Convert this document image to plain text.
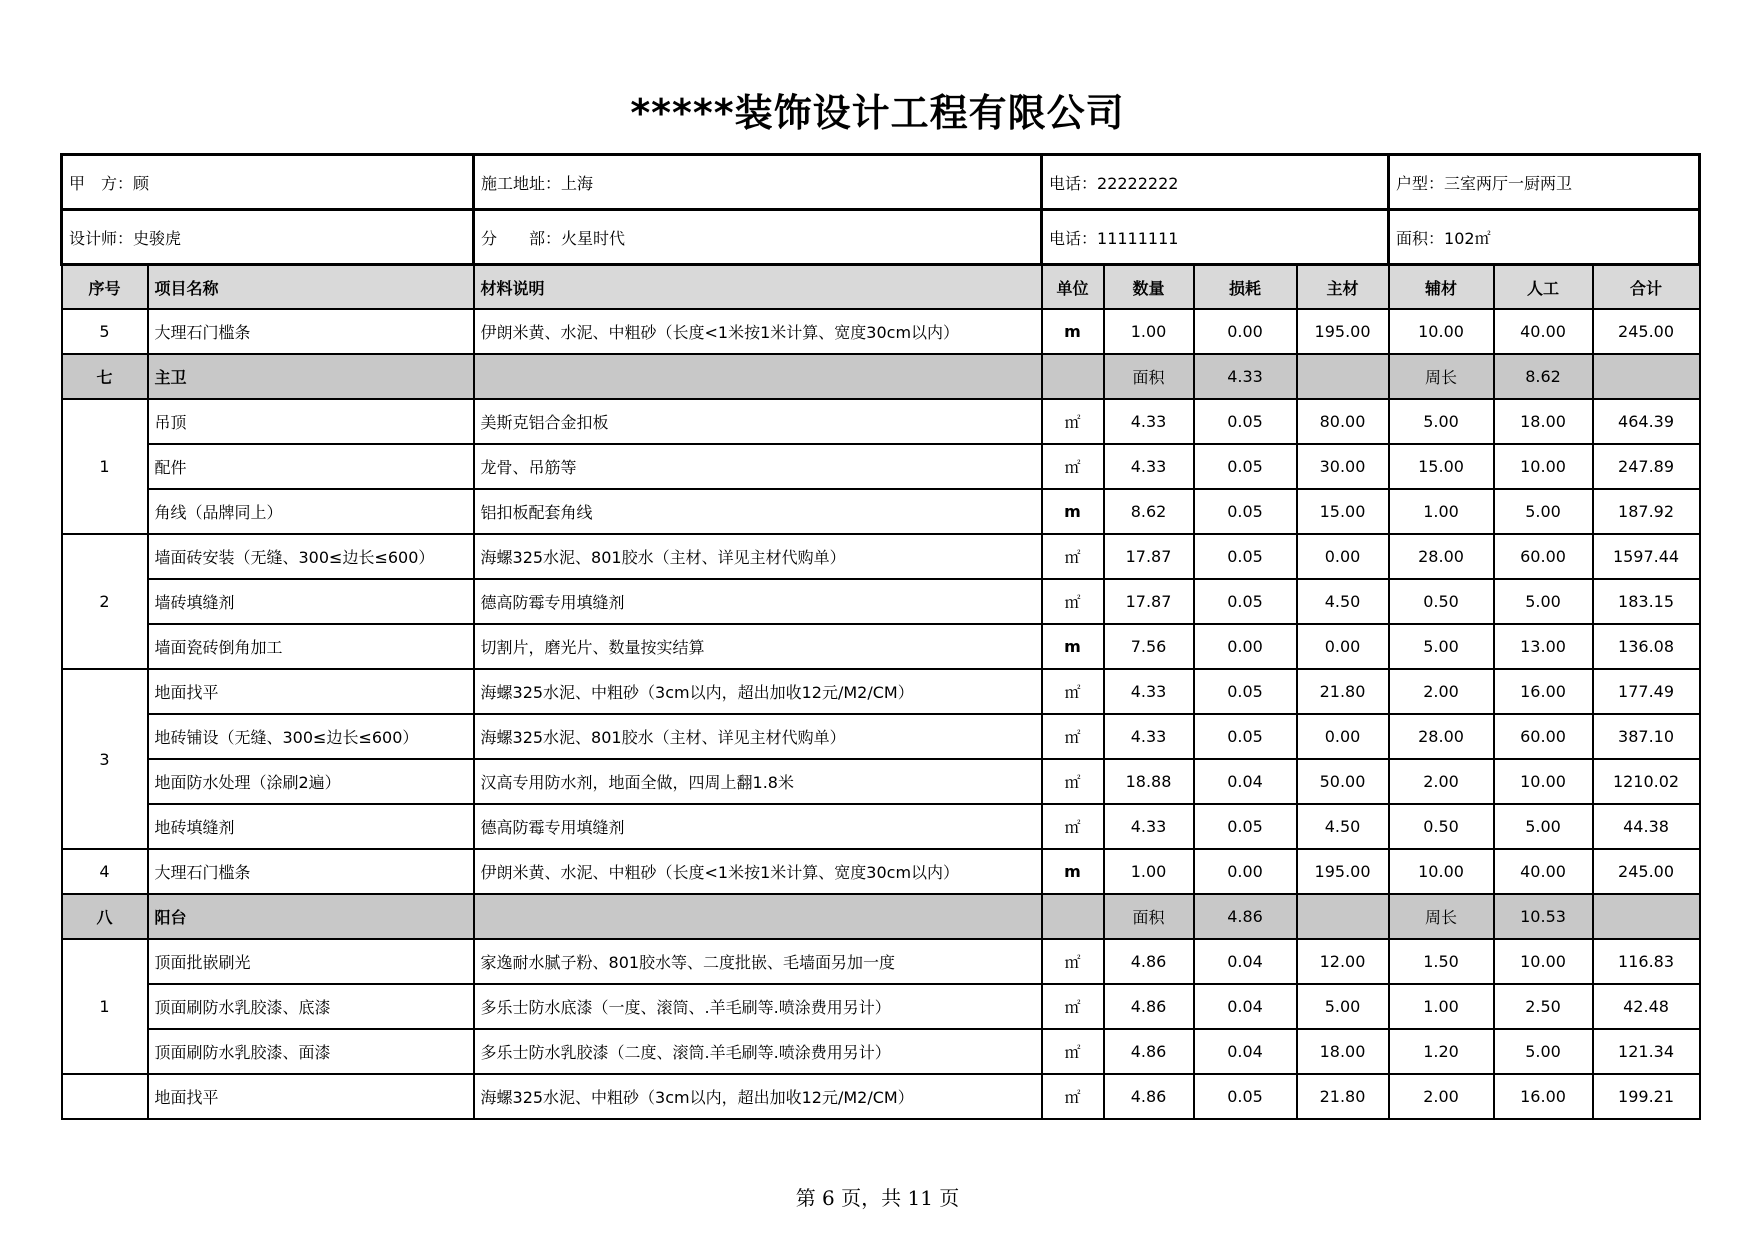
*****装饰设计工程有限公司
甲　方：顾		施工地址：上海	电话：22222222				户型：三室两厅一厨两卫		
设计师：史骏虎		分　　部：火星时代	电话：11111111				面积：102㎡		
序号	项目名称	材料说明	单位	数量	损耗	主材	辅材	人工	合计
5	大理石门槛条	伊朗米黄、水泥、中粗砂（长度<1米按1米计算、宽度30cm以内）	m	1.00	0.00	195.00	10.00	40.00	245.00
七	主卫			面积	4.33		周长	8.62	
1	吊顶	美斯克铝合金扣板	㎡	4.33	0.05	80.00	5.00	18.00	464.39
	配件	龙骨、吊筋等	㎡	4.33	0.05	30.00	15.00	10.00	247.89
	角线（品牌同上）	铝扣板配套角线	m	8.62	0.05	15.00	1.00	5.00	187.92
2	墙面砖安装（无缝、300≤边长≤600）	海螺325水泥、801胶水（主材、详见主材代购单）	㎡	17.87	0.05	0.00	28.00	60.00	1597.44
	墙砖填缝剂	德高防霉专用填缝剂	㎡	17.87	0.05	4.50	0.50	5.00	183.15
	墙面瓷砖倒角加工	切割片，磨光片、数量按实结算	m	7.56	0.00	0.00	5.00	13.00	136.08
3	地面找平	海螺325水泥、中粗砂（3cm以内，超出加收12元/M2/CM）	㎡	4.33	0.05	21.80	2.00	16.00	177.49
	地砖铺设（无缝、300≤边长≤600）	海螺325水泥、801胶水（主材、详见主材代购单）	㎡	4.33	0.05	0.00	28.00	60.00	387.10
	地面防水处理（涂刷2遍）	汉高专用防水剂，地面全做，四周上翻1.8米	㎡	18.88	0.04	50.00	2.00	10.00	1210.02
	地砖填缝剂	德高防霉专用填缝剂	㎡	4.33	0.05	4.50	0.50	5.00	44.38
4	大理石门槛条	伊朗米黄、水泥、中粗砂（长度<1米按1米计算、宽度30cm以内）	m	1.00	0.00	195.00	10.00	40.00	245.00
八	阳台			面积	4.86		周长	10.53	
1	顶面批嵌刷光	家逸耐水腻子粉、801胶水等、二度批嵌、毛墙面另加一度	㎡	4.86	0.04	12.00	1.50	10.00	116.83
	顶面刷防水乳胶漆、底漆	多乐士防水底漆（一度、滚筒、.羊毛刷等.喷涂费用另计）	㎡	4.86	0.04	5.00	1.00	2.50	42.48
	顶面刷防水乳胶漆、面漆	多乐士防水乳胶漆（二度、滚筒.羊毛刷等.喷涂费用另计）	㎡	4.86	0.04	18.00	1.20	5.00	121.34
	地面找平	海螺325水泥、中粗砂（3cm以内，超出加收12元/M2/CM）	㎡	4.86	0.05	21.80	2.00	16.00	199.21
第 6 页，共 11 页
